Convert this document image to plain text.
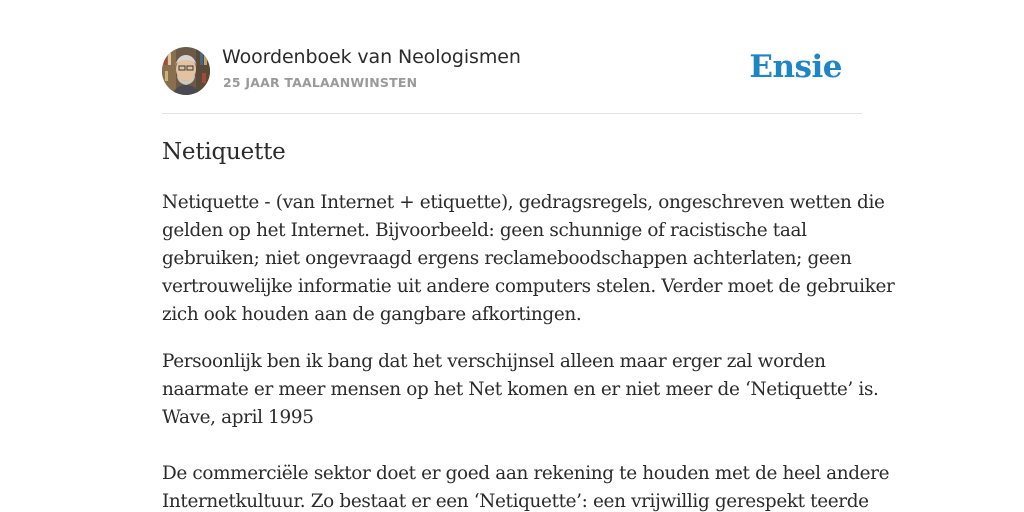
Woordenboek van Neologismen
25 JAAR TAALAANWINSTEN	Ensie
Netiquette

Netiquette - (van Internet + etiquette), gedragsregels, ongeschreven wetten die
gelden op het Internet. Bijvoorbeeld: geen schunnige of racistische taal
gebruiken; niet ongevraagd ergens reclameboodschappen achterlaten; geen
vertrouwelijke informatie uit andere computers stelen. Verder moet de gebruiker
zich ook houden aan de gangbare afkortingen.

Persoonlijk ben ik bang dat het verschijnsel alleen maar erger zal worden
naarmate er meer mensen op het Net komen en er niet meer de ‘Netiquette’ is.
Wave, april 1995
De commerciële sektor doet er goed aan rekening te houden met de heel andere
Internetkultuur. Zo bestaat er een ‘Netiquette’: een vrijwillig gerespekt teerde
